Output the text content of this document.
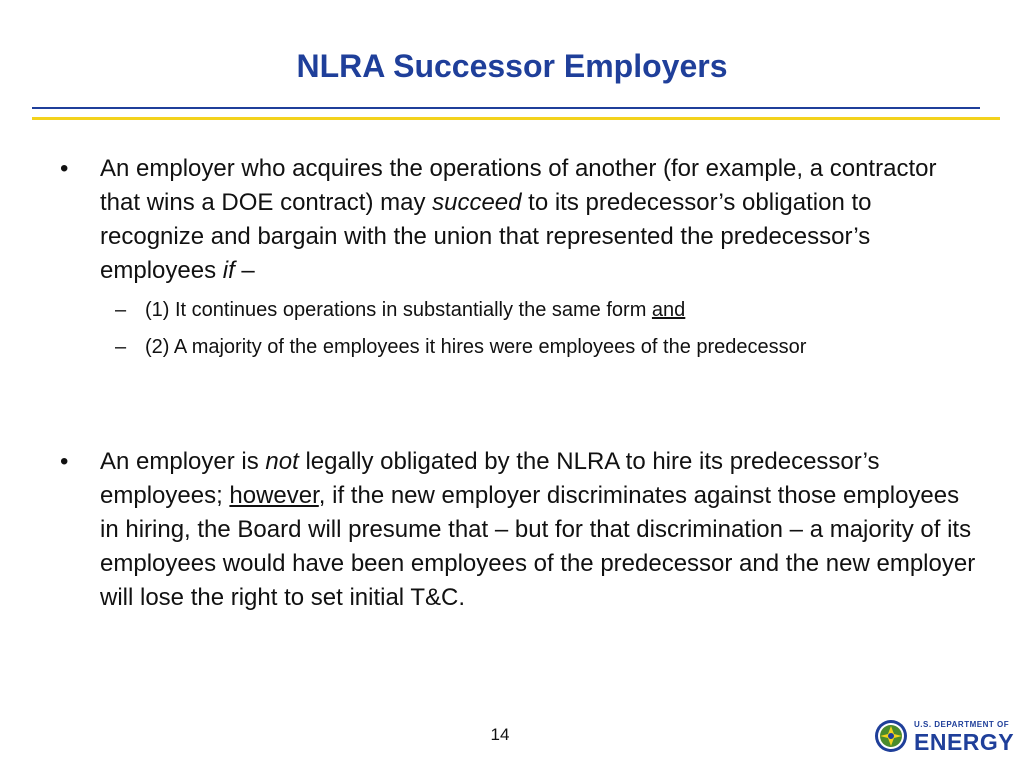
NLRA Successor Employers

• An employer who acquires the operations of another (for example, a contractor that wins a DOE contract) may succeed to its predecessor’s obligation to recognize and bargain with the union that represented the predecessor’s employees if –

– (1) It continues operations in substantially the same form and

– (2) A majority of the employees it hires were employees of the predecessor

• An employer is not legally obligated by the NLRA to hire its predecessor’s employees; however, if the new employer discriminates against those employees in hiring, the Board will presume that – but for that discrimination – a majority of its employees would have been employees of the predecessor and the new employer will lose the right to set initial T&C.

14
U.S. DEPARTMENT OF
ENERGY
